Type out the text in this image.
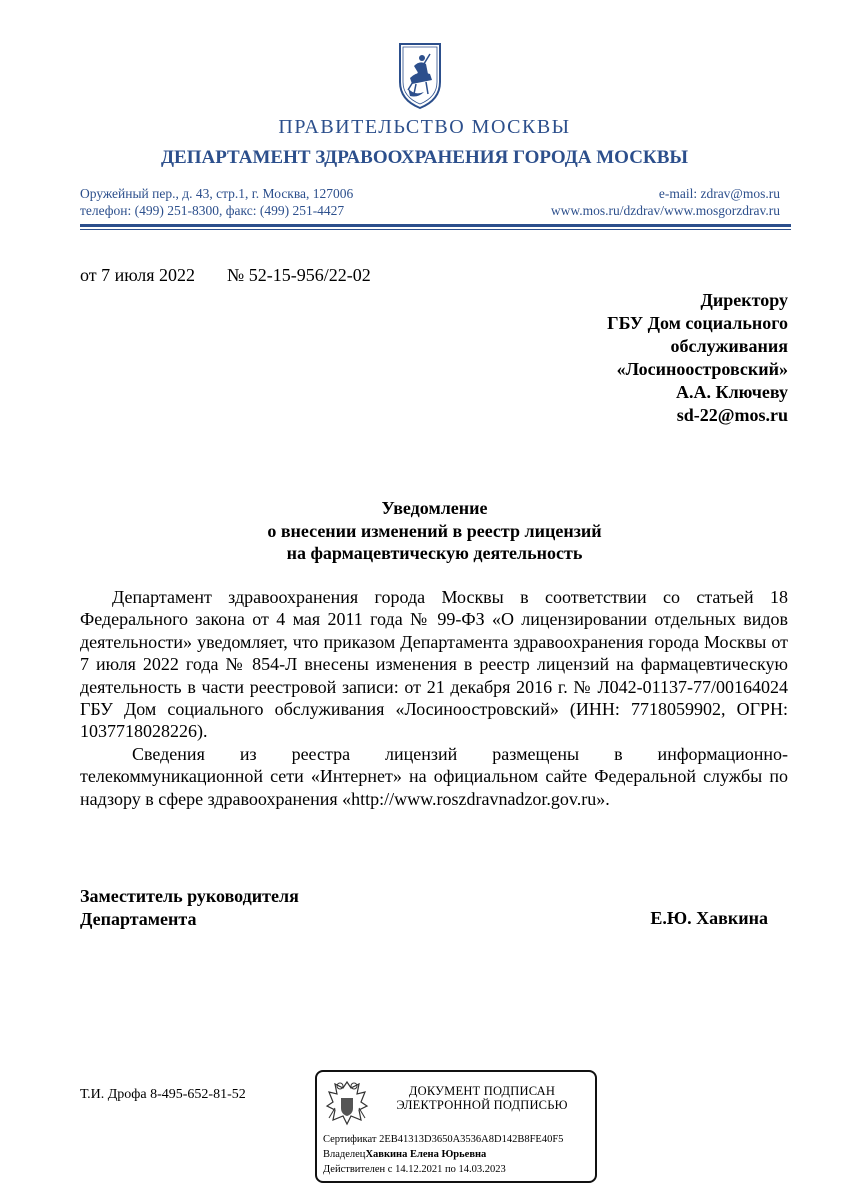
ПРАВИТЕЛЬСТВО МОСКВЫ
ДЕПАРТАМЕНТ ЗДРАВООХРАНЕНИЯ ГОРОДА МОСКВЫ
Оружейный пер., д. 43, стр.1, г. Москва, 127006
телефон: (499) 251-8300, факс: (499) 251-4427
e-mail: zdrav@mos.ru
www.mos.ru/dzdrav/www.mosgorzdrav.ru
от 7 июля 2022 № 52-15-956/22-02
Директору
ГБУ Дом социального
обслуживания
«Лосиноостровский»
А.А. Ключеву
sd-22@mos.ru
Уведомление
о внесении изменений в реестр лицензий
на фармацевтическую деятельность

Департамент здравоохранения города Москвы в соответствии со статьей 18 Федерального закона от 4 мая 2011 года № 99-ФЗ «О лицензировании отдельных видов деятельности» уведомляет, что приказом Департамента здравоохранения города Москвы от 7 июля 2022 года № 854-Л внесены изменения в реестр лицензий на фармацевтическую деятельность в части реестровой записи: от 21 декабря 2016 г. № Л042-01137-77/00164024 ГБУ Дом социального обслуживания «Лосиноостровский» (ИНН: 7718059902, ОГРН: 1037718028226).

Сведения из реестра лицензий размещены в информационно-телекоммуникационной сети «Интернет» на официальном сайте Федеральной службы по надзору в сфере здравоохранения «http://www.roszdravnadzor.gov.ru».

Заместитель руководителя
Департамента	Е.Ю. Хавкина
Т.И. Дрофа 8-495-652-81-52	ДОКУМЕНТ ПОДПИСАН
ЭЛЕКТРОННОЙ ПОДПИСЬЮ
Сертификат 2EB41313D3650A3536A8D142B8FE40F5
ВладелецХавкина Елена Юрьевна
Действителен с 14.12.2021 по 14.03.2023
